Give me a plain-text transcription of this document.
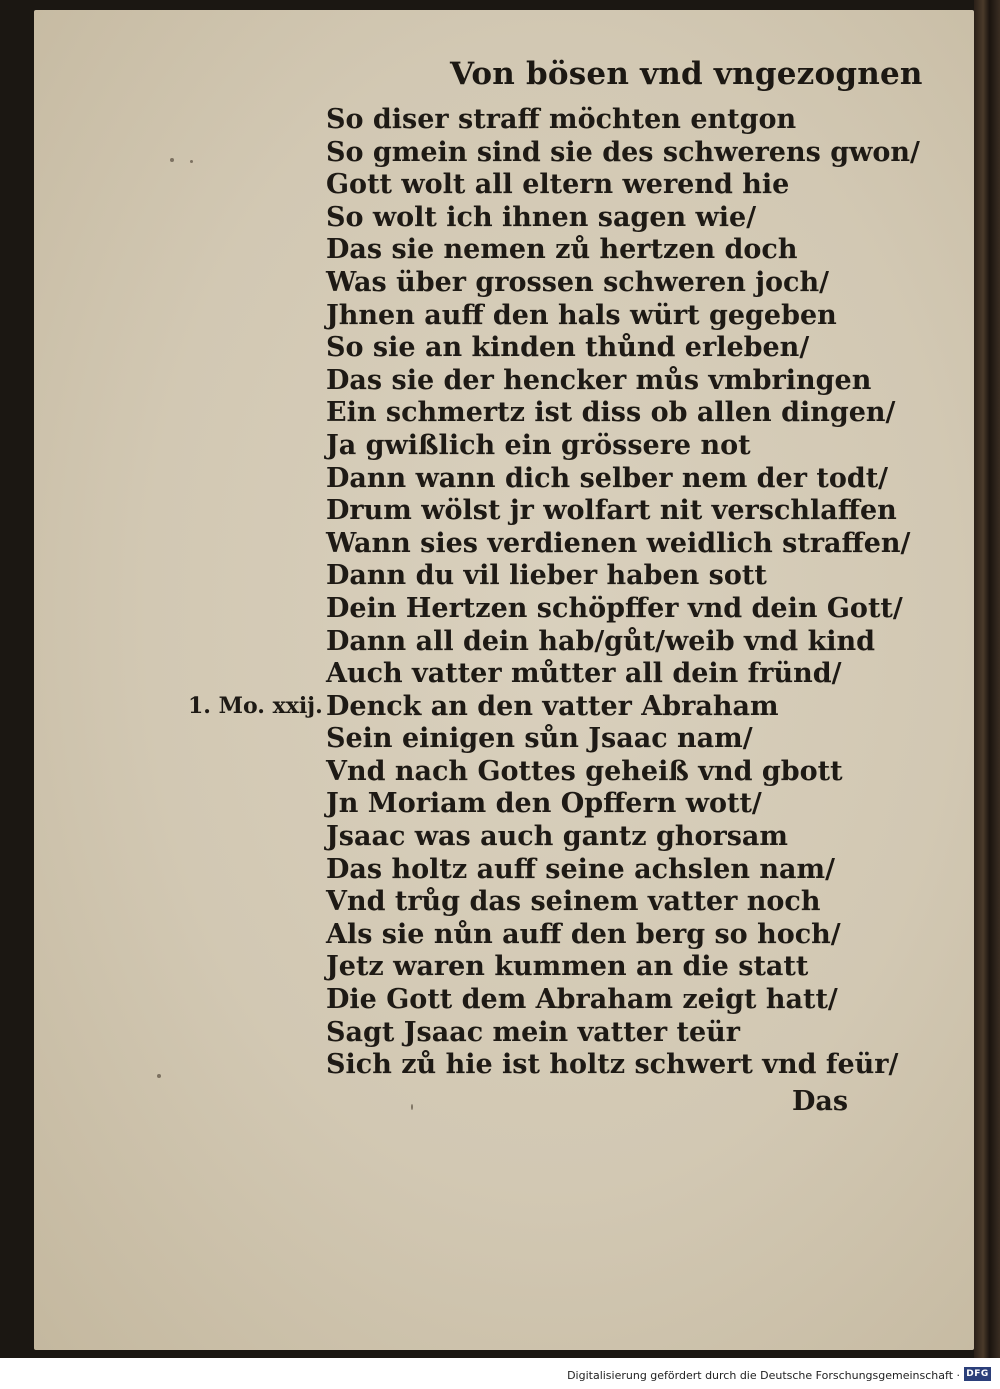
Von bösen vnd vngezognen
1. Mo. xxij.
So diser straff möchten entgon
So gmein sind sie des schwerens gwon/
Gott wolt all eltern werend hie
So wolt ich ihnen sagen wie/
Das sie nemen zů hertzen doch
Was über grossen schweren joch/
Jhnen auff den hals würt gegeben
So sie an kinden thůnd erleben/
Das sie der hencker můs vmbringen
Ein schmertz ist diss ob allen dingen/
Ja gwißlich ein grössere not
Dann wann dich selber nem der todt/
Drum wölst jr wolfart nit verschlaffen
Wann sies verdienen weidlich straffen/
Dann du vil lieber haben sott
Dein Hertzen schöpffer vnd dein Gott/
Dann all dein hab/gůt/weib vnd kind
Auch vatter můtter all dein fründ/
Denck an den vatter Abraham
Sein einigen sůn Jsaac nam/
Vnd nach Gottes geheiß vnd gbott
Jn Moriam den Opffern wott/
Jsaac was auch gantz ghorsam
Das holtz auff seine achslen nam/
Vnd trůg das seinem vatter noch
Als sie nůn auff den berg so hoch/
Jetz waren kummen an die statt
Die Gott dem Abraham zeigt hatt/
Sagt Jsaac mein vatter teür
Sich zů hie ist holtz schwert vnd feür/
Das
Digitalisierung gefördert durch die Deutsche Forschungsgemeinschaft · DFG
